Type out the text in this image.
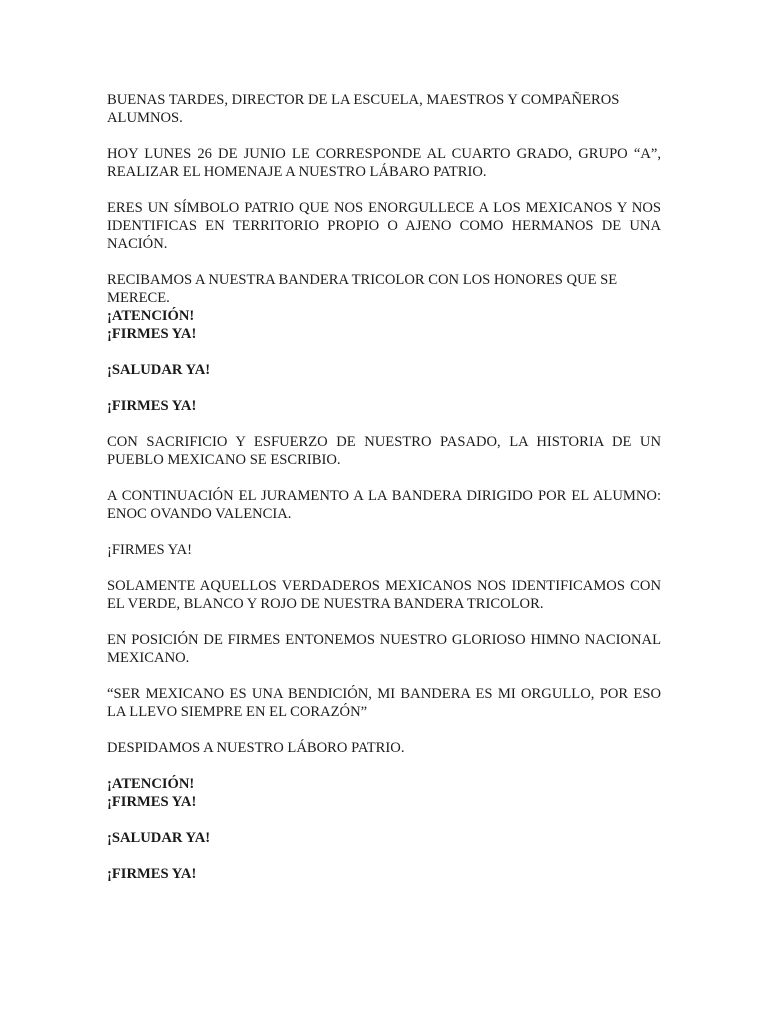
BUENAS TARDES, DIRECTOR DE LA ESCUELA, MAESTROS Y COMPAÑEROS ALUMNOS.

HOY LUNES 26 DE JUNIO LE CORRESPONDE AL CUARTO GRADO, GRUPO “A”, REALIZAR EL HOMENAJE A NUESTRO LÁBARO PATRIO.

ERES UN SÍMBOLO PATRIO QUE NOS ENORGULLECE A LOS MEXICANOS Y NOS IDENTIFICAS EN TERRITORIO PROPIO O AJENO COMO HERMANOS DE UNA NACIÓN.

RECIBAMOS A NUESTRA BANDERA TRICOLOR CON LOS HONORES QUE SE MERECE.

¡ATENCIÓN!

¡FIRMES YA!

¡SALUDAR YA!

¡FIRMES YA!

CON SACRIFICIO Y ESFUERZO DE NUESTRO PASADO, LA HISTORIA DE UN PUEBLO MEXICANO SE ESCRIBIO.

A CONTINUACIÓN EL JURAMENTO A LA BANDERA DIRIGIDO POR EL ALUMNO: ENOC OVANDO VALENCIA.

¡FIRMES YA!

SOLAMENTE AQUELLOS VERDADEROS MEXICANOS NOS IDENTIFICAMOS CON EL VERDE, BLANCO Y ROJO DE NUESTRA BANDERA TRICOLOR.

EN POSICIÓN DE FIRMES ENTONEMOS NUESTRO GLORIOSO HIMNO NACIONAL MEXICANO.

“SER MEXICANO ES UNA BENDICIÓN, MI BANDERA ES MI ORGULLO, POR ESO LA LLEVO SIEMPRE EN EL CORAZÓN”

DESPIDAMOS A NUESTRO LÁBORO PATRIO.

¡ATENCIÓN!

¡FIRMES YA!

¡SALUDAR YA!

¡FIRMES YA!
